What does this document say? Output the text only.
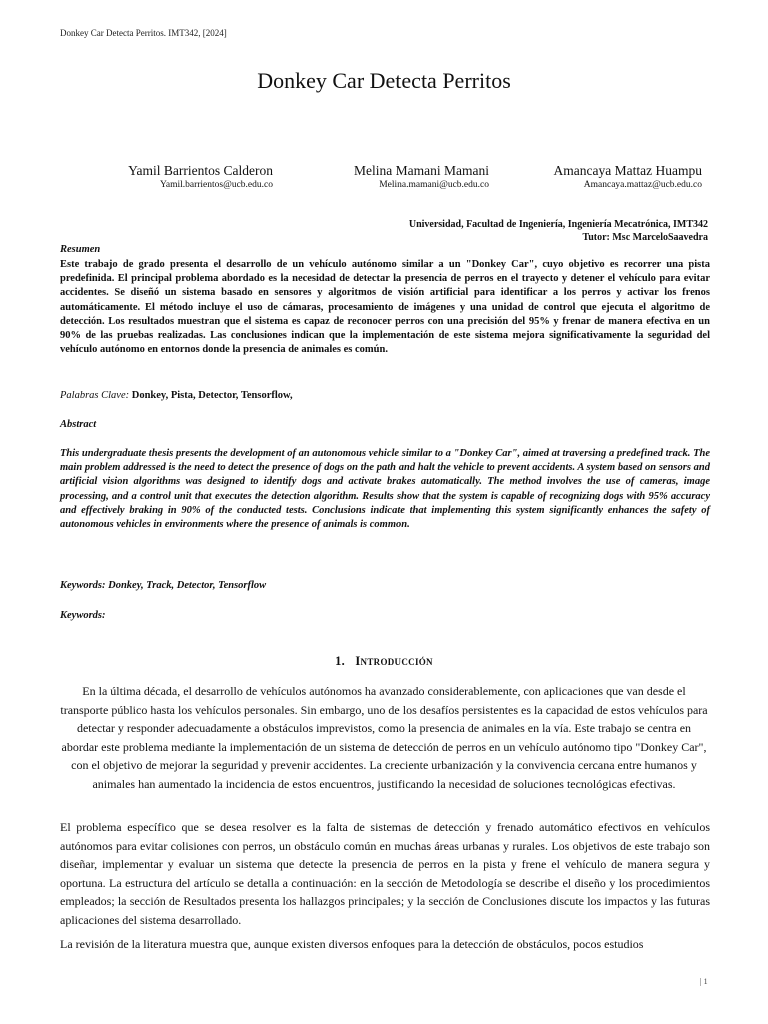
Donkey Car Detecta Perritos. IMT342, [2024]
Donkey Car Detecta Perritos
Yamil Barrientos Calderon
Yamil.barrientos@ucb.edu.co
Melina Mamani Mamani
Melina.mamani@ucb.edu.co
Amancaya Mattaz Huampu
Amancaya.mattaz@ucb.edu.co
Universidad, Facultad de Ingeniería, Ingeniería Mecatrónica, IMT342
Tutor: Msc MarceloSaavedra
Resumen
Este trabajo de grado presenta el desarrollo de un vehículo autónomo similar a un "Donkey Car", cuyo objetivo es recorrer una pista predefinida. El principal problema abordado es la necesidad de detectar la presencia de perros en el trayecto y detener el vehículo para evitar accidentes. Se diseñó un sistema basado en sensores y algoritmos de visión artificial para identificar a los perros y activar los frenos automáticamente. El método incluye el uso de cámaras, procesamiento de imágenes y una unidad de control que ejecuta el algoritmo de detección. Los resultados muestran que el sistema es capaz de reconocer perros con una precisión del 95% y frenar de manera efectiva en un 90% de las pruebas realizadas. Las conclusiones indican que la implementación de este sistema mejora significativamente la seguridad del vehículo autónomo en entornos donde la presencia de animales es común.
Palabras Clave: Donkey, Pista, Detector, Tensorflow,
Abstract
This undergraduate thesis presents the development of an autonomous vehicle similar to a "Donkey Car", aimed at traversing a predefined track. The main problem addressed is the need to detect the presence of dogs on the path and halt the vehicle to prevent accidents. A system based on sensors and artificial vision algorithms was designed to identify dogs and activate brakes automatically. The method involves the use of cameras, image processing, and a control unit that executes the detection algorithm. Results show that the system is capable of recognizing dogs with 95% accuracy and effectively braking in 90% of the conducted tests. Conclusions indicate that implementing this system significantly enhances the safety of autonomous vehicles in environments where the presence of animals is common.
Keywords: Donkey, Track, Detector, Tensorflow
Keywords:
1. Introducción
En la última década, el desarrollo de vehículos autónomos ha avanzado considerablemente, con aplicaciones que van desde el transporte público hasta los vehículos personales. Sin embargo, uno de los desafíos persistentes es la capacidad de estos vehículos para detectar y responder adecuadamente a obstáculos imprevistos, como la presencia de animales en la vía. Este trabajo se centra en abordar este problema mediante la implementación de un sistema de detección de perros en un vehículo autónomo tipo "Donkey Car", con el objetivo de mejorar la seguridad y prevenir accidentes. La creciente urbanización y la convivencia cercana entre humanos y animales han aumentado la incidencia de estos encuentros, justificando la necesidad de soluciones tecnológicas efectivas.
El problema específico que se desea resolver es la falta de sistemas de detección y frenado automático efectivos en vehículos autónomos para evitar colisiones con perros, un obstáculo común en muchas áreas urbanas y rurales. Los objetivos de este trabajo son diseñar, implementar y evaluar un sistema que detecte la presencia de perros en la pista y frene el vehículo de manera segura y oportuna. La estructura del artículo se detalla a continuación: en la sección de Metodología se describe el diseño y los procedimientos empleados; la sección de Resultados presenta los hallazgos principales; y la sección de Conclusiones discute los impactos y las futuras aplicaciones del sistema desarrollado.
La revisión de la literatura muestra que, aunque existen diversos enfoques para la detección de obstáculos, pocos estudios
| 1
